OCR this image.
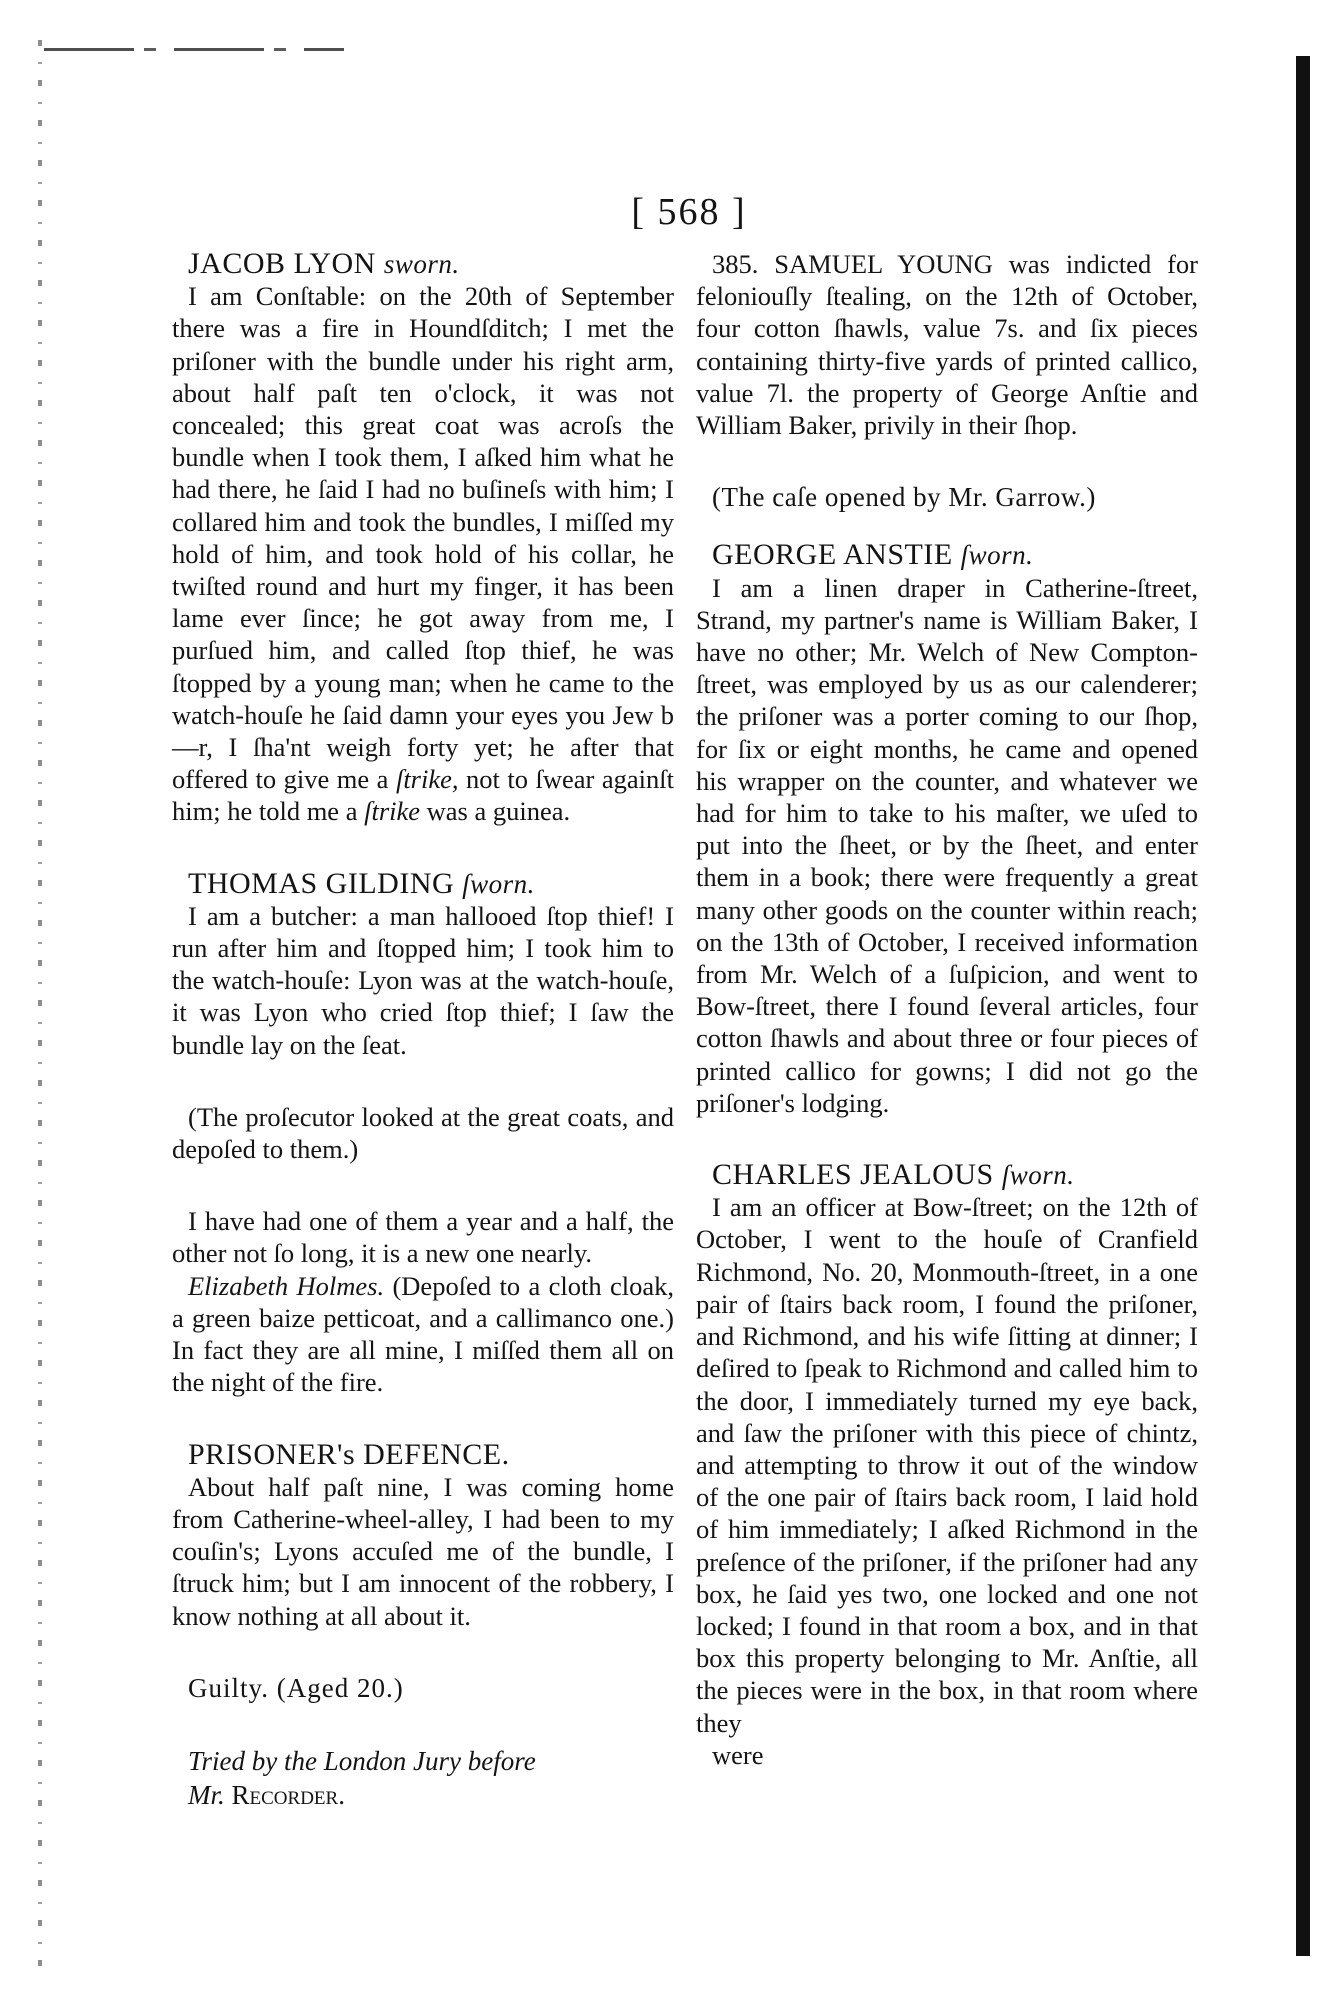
[ 568 ]

JACOB LYON sworn.

I am Conſtable: on the 20th of September there was a fire in Houndſditch; I met the priſoner with the bundle under his right arm, about half paſt ten o'clock, it was not concealed; this great coat was acroſs the bundle when I took them, I aſked him what he had there, he ſaid I had no buſineſs with him; I collared him and took the bundles, I miſſed my hold of him, and took hold of his collar, he twiſted round and hurt my finger, it has been lame ever ſince; he got away from me, I purſued him, and called ſtop thief, he was ſtopped by a young man; when he came to the watch-houſe he ſaid damn your eyes you Jew b—r, I ſha'nt weigh forty yet; he after that offered to give me a ſtrike, not to ſwear againſt him; he told me a ſtrike was a guinea.

THOMAS GILDING ſworn.

I am a butcher: a man hallooed ſtop thief! I run after him and ſtopped him; I took him to the watch-houſe: Lyon was at the watch-houſe, it was Lyon who cried ſtop thief; I ſaw the bundle lay on the ſeat.

(The proſecutor looked at the great coats, and depoſed to them.)

I have had one of them a year and a half, the other not ſo long, it is a new one nearly.

Elizabeth Holmes. (Depoſed to a cloth cloak, a green baize petticoat, and a callimanco one.) In fact they are all mine, I miſſed them all on the night of the fire.

PRISONER's DEFENCE.

About half paſt nine, I was coming home from Catherine-wheel-alley, I had been to my couſin's; Lyons accuſed me of the bundle, I ſtruck him; but I am innocent of the robbery, I know nothing at all about it.

Guilty. (Aged 20.)

Tried by the London Jury before

Mr. Recorder.

385. SAMUEL YOUNG was indicted for feloniouſly ſtealing, on the 12th of October, four cotton ſhawls, value 7s. and ſix pieces containing thirty-five yards of printed callico, value 7l. the property of George Anſtie and William Baker, privily in their ſhop.

(The caſe opened by Mr. Garrow.)

GEORGE ANSTIE ſworn.

I am a linen draper in Catherine-ſtreet, Strand, my partner's name is William Baker, I have no other; Mr. Welch of New Compton-ſtreet, was employed by us as our calenderer; the priſoner was a porter coming to our ſhop, for ſix or eight months, he came and opened his wrapper on the counter, and whatever we had for him to take to his maſter, we uſed to put into the ſheet, or by the ſheet, and enter them in a book; there were frequently a great many other goods on the counter within reach; on the 13th of October, I received information from Mr. Welch of a ſuſpicion, and went to Bow-ſtreet, there I found ſeveral articles, four cotton ſhawls and about three or four pieces of printed callico for gowns; I did not go the priſoner's lodging.

CHARLES JEALOUS ſworn.

I am an officer at Bow-ſtreet; on the 12th of October, I went to the houſe of Cranfield Richmond, No. 20, Monmouth-ſtreet, in a one pair of ſtairs back room, I found the priſoner, and Richmond, and his wife ſitting at dinner; I deſired to ſpeak to Richmond and called him to the door, I immediately turned my eye back, and ſaw the priſoner with this piece of chintz, and attempting to throw it out of the window of the one pair of ſtairs back room, I laid hold of him immediately; I aſked Richmond in the preſence of the priſoner, if the priſoner had any box, he ſaid yes two, one locked and one not locked; I found in that room a box, and in that box this property belonging to Mr. Anſtie, all the pieces were in the box, in that room where they

were
